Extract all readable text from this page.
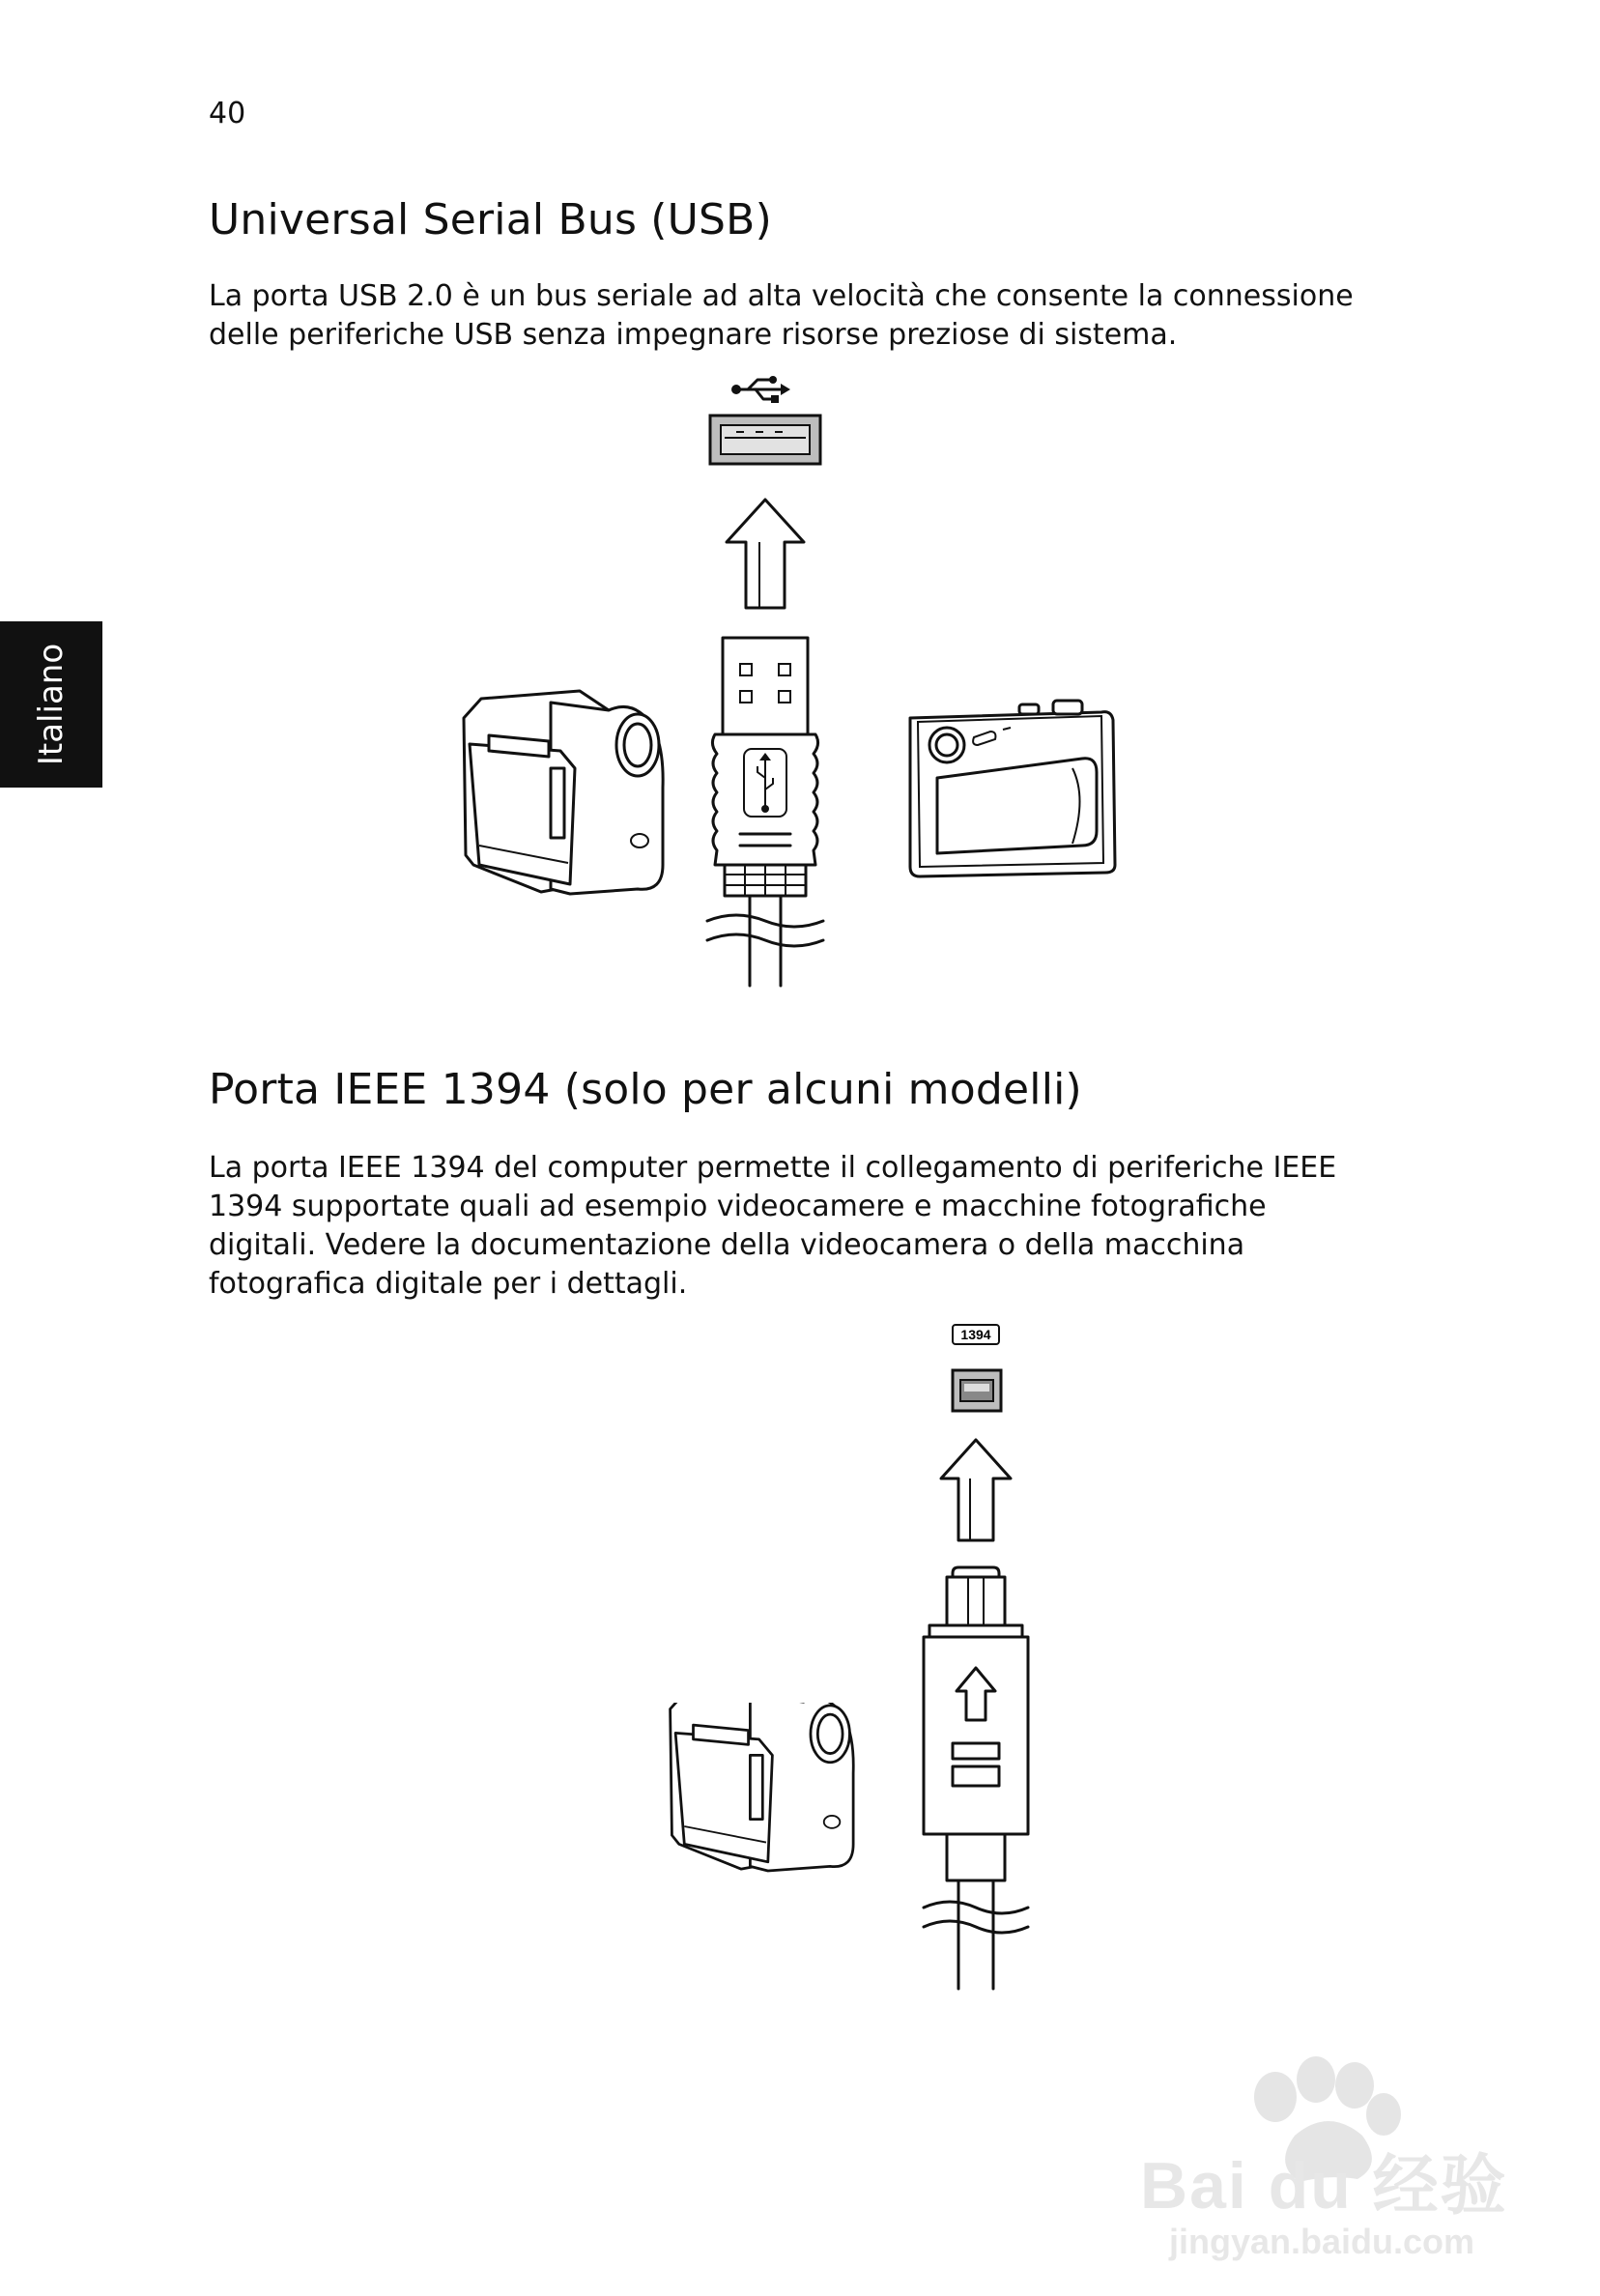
40
Italiano
Universal Serial Bus (USB)

La porta USB 2.0 è un bus seriale ad alta velocità che consente la connessione delle periferiche USB senza impegnare risorse preziose di sistema.

Porta IEEE 1394 (solo per alcuni modelli)

La porta IEEE 1394 del computer permette il collegamento di periferiche IEEE 1394 supportate quali ad esempio videocamere e macchine fotografiche digitali. Vedere la documentazione della videocamera o della macchina fotografica digitale per i dettagli.

1394
Bai du 经验
jingyan.baidu.com
